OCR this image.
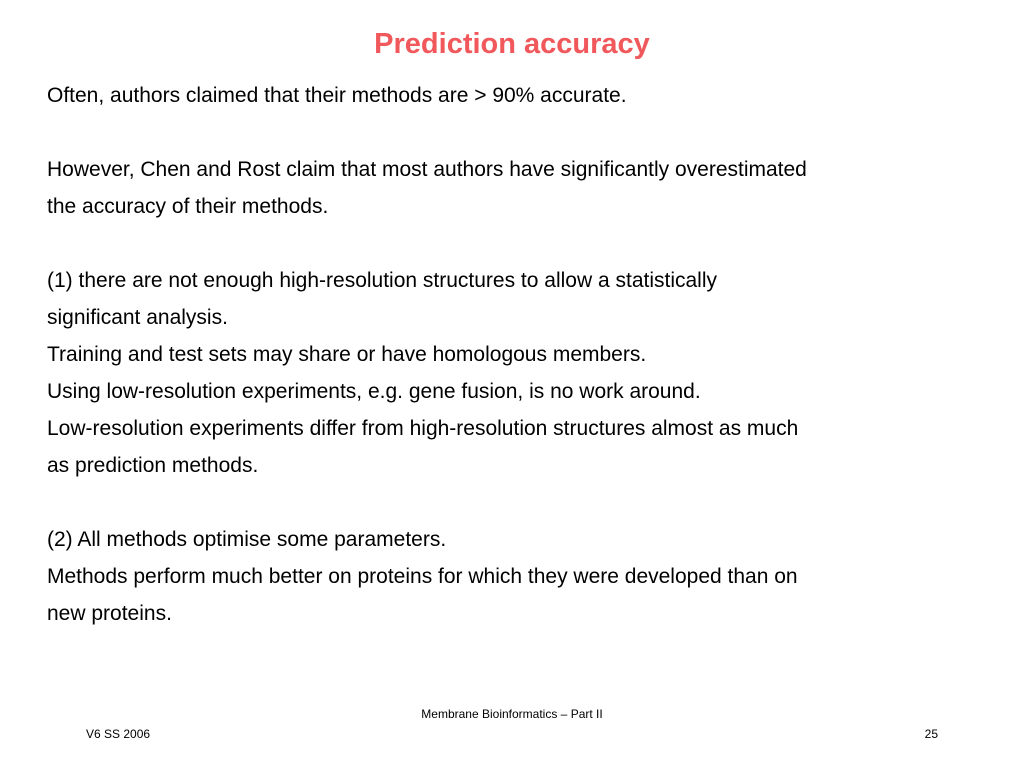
Prediction accuracy

Often, authors claimed that their methods are > 90% accurate.

However, Chen and Rost claim that most authors have significantly overestimated

the accuracy of their methods.

(1) there are not enough high-resolution structures to allow a statistically

significant analysis.

Training and test sets may share or have homologous members.

Using low-resolution experiments, e.g. gene fusion, is no work around.

Low-resolution experiments differ from high-resolution structures almost as much

as prediction methods.

(2) All methods optimise some parameters.

Methods perform much better on proteins for which they were developed than on

new proteins.

Membrane Bioinformatics – Part II
V6 SS 2006	25
